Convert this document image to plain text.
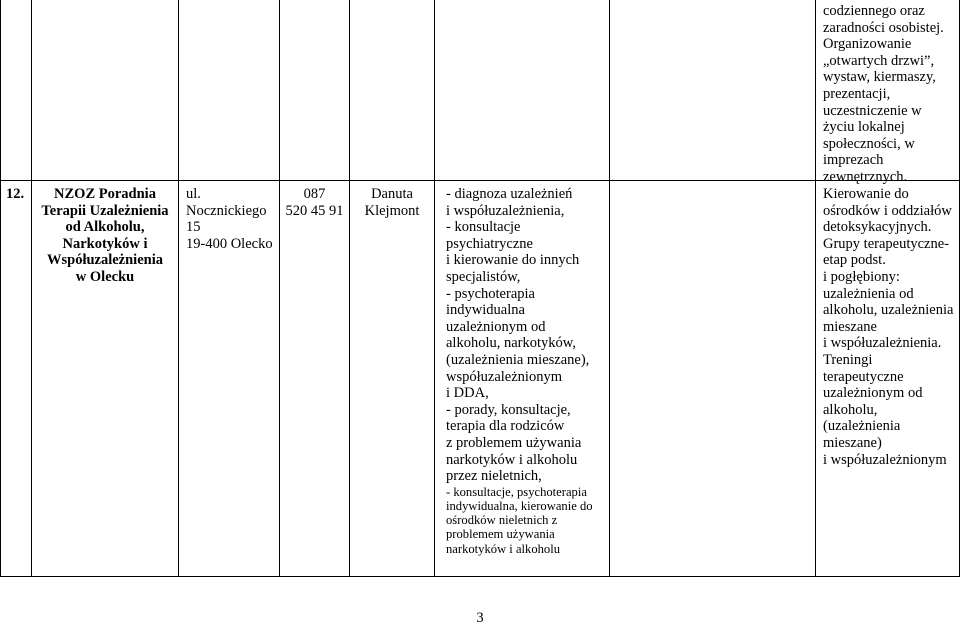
codziennego oraz
zaradności osobistej.
Organizowanie
„otwartych drzwi”,
wystaw, kiermaszy,
prezentacji,
uczestniczenie w
życiu lokalnej
społeczności, w
imprezach
zewnętrznych.
12.	NZOZ Poradnia
Terapii Uzależnienia
od Alkoholu,
Narkotyków i
Współuzależnienia
w Olecku
ul.
Nocznickiego
15
19-400 Olecko
087
520 45 91
Danuta
Klejmont
- diagnoza uzależnień
i współuzależnienia,
- konsultacje
psychiatryczne
i kierowanie do innych
specjalistów,
- psychoterapia
indywidualna
uzależnionym od
alkoholu, narkotyków,
(uzależnienia mieszane),
współuzależnionym
i DDA,
- porady, konsultacje,
terapia dla rodziców
z problemem używania
narkotyków i alkoholu
przez nieletnich,
- konsultacje, psychoterapia
indywidualna, kierowanie do
ośrodków nieletnich z
problemem używania
narkotyków i alkoholu
Kierowanie do
ośrodków i oddziałów
detoksykacyjnych.
Grupy terapeutyczne-
etap podst.
i pogłębiony:
uzależnienia od
alkoholu, uzależnienia
mieszane
i współuzależnienia.
Treningi
terapeutyczne
uzależnionym od
alkoholu,
(uzależnienia
mieszane)
i współuzależnionym
3
